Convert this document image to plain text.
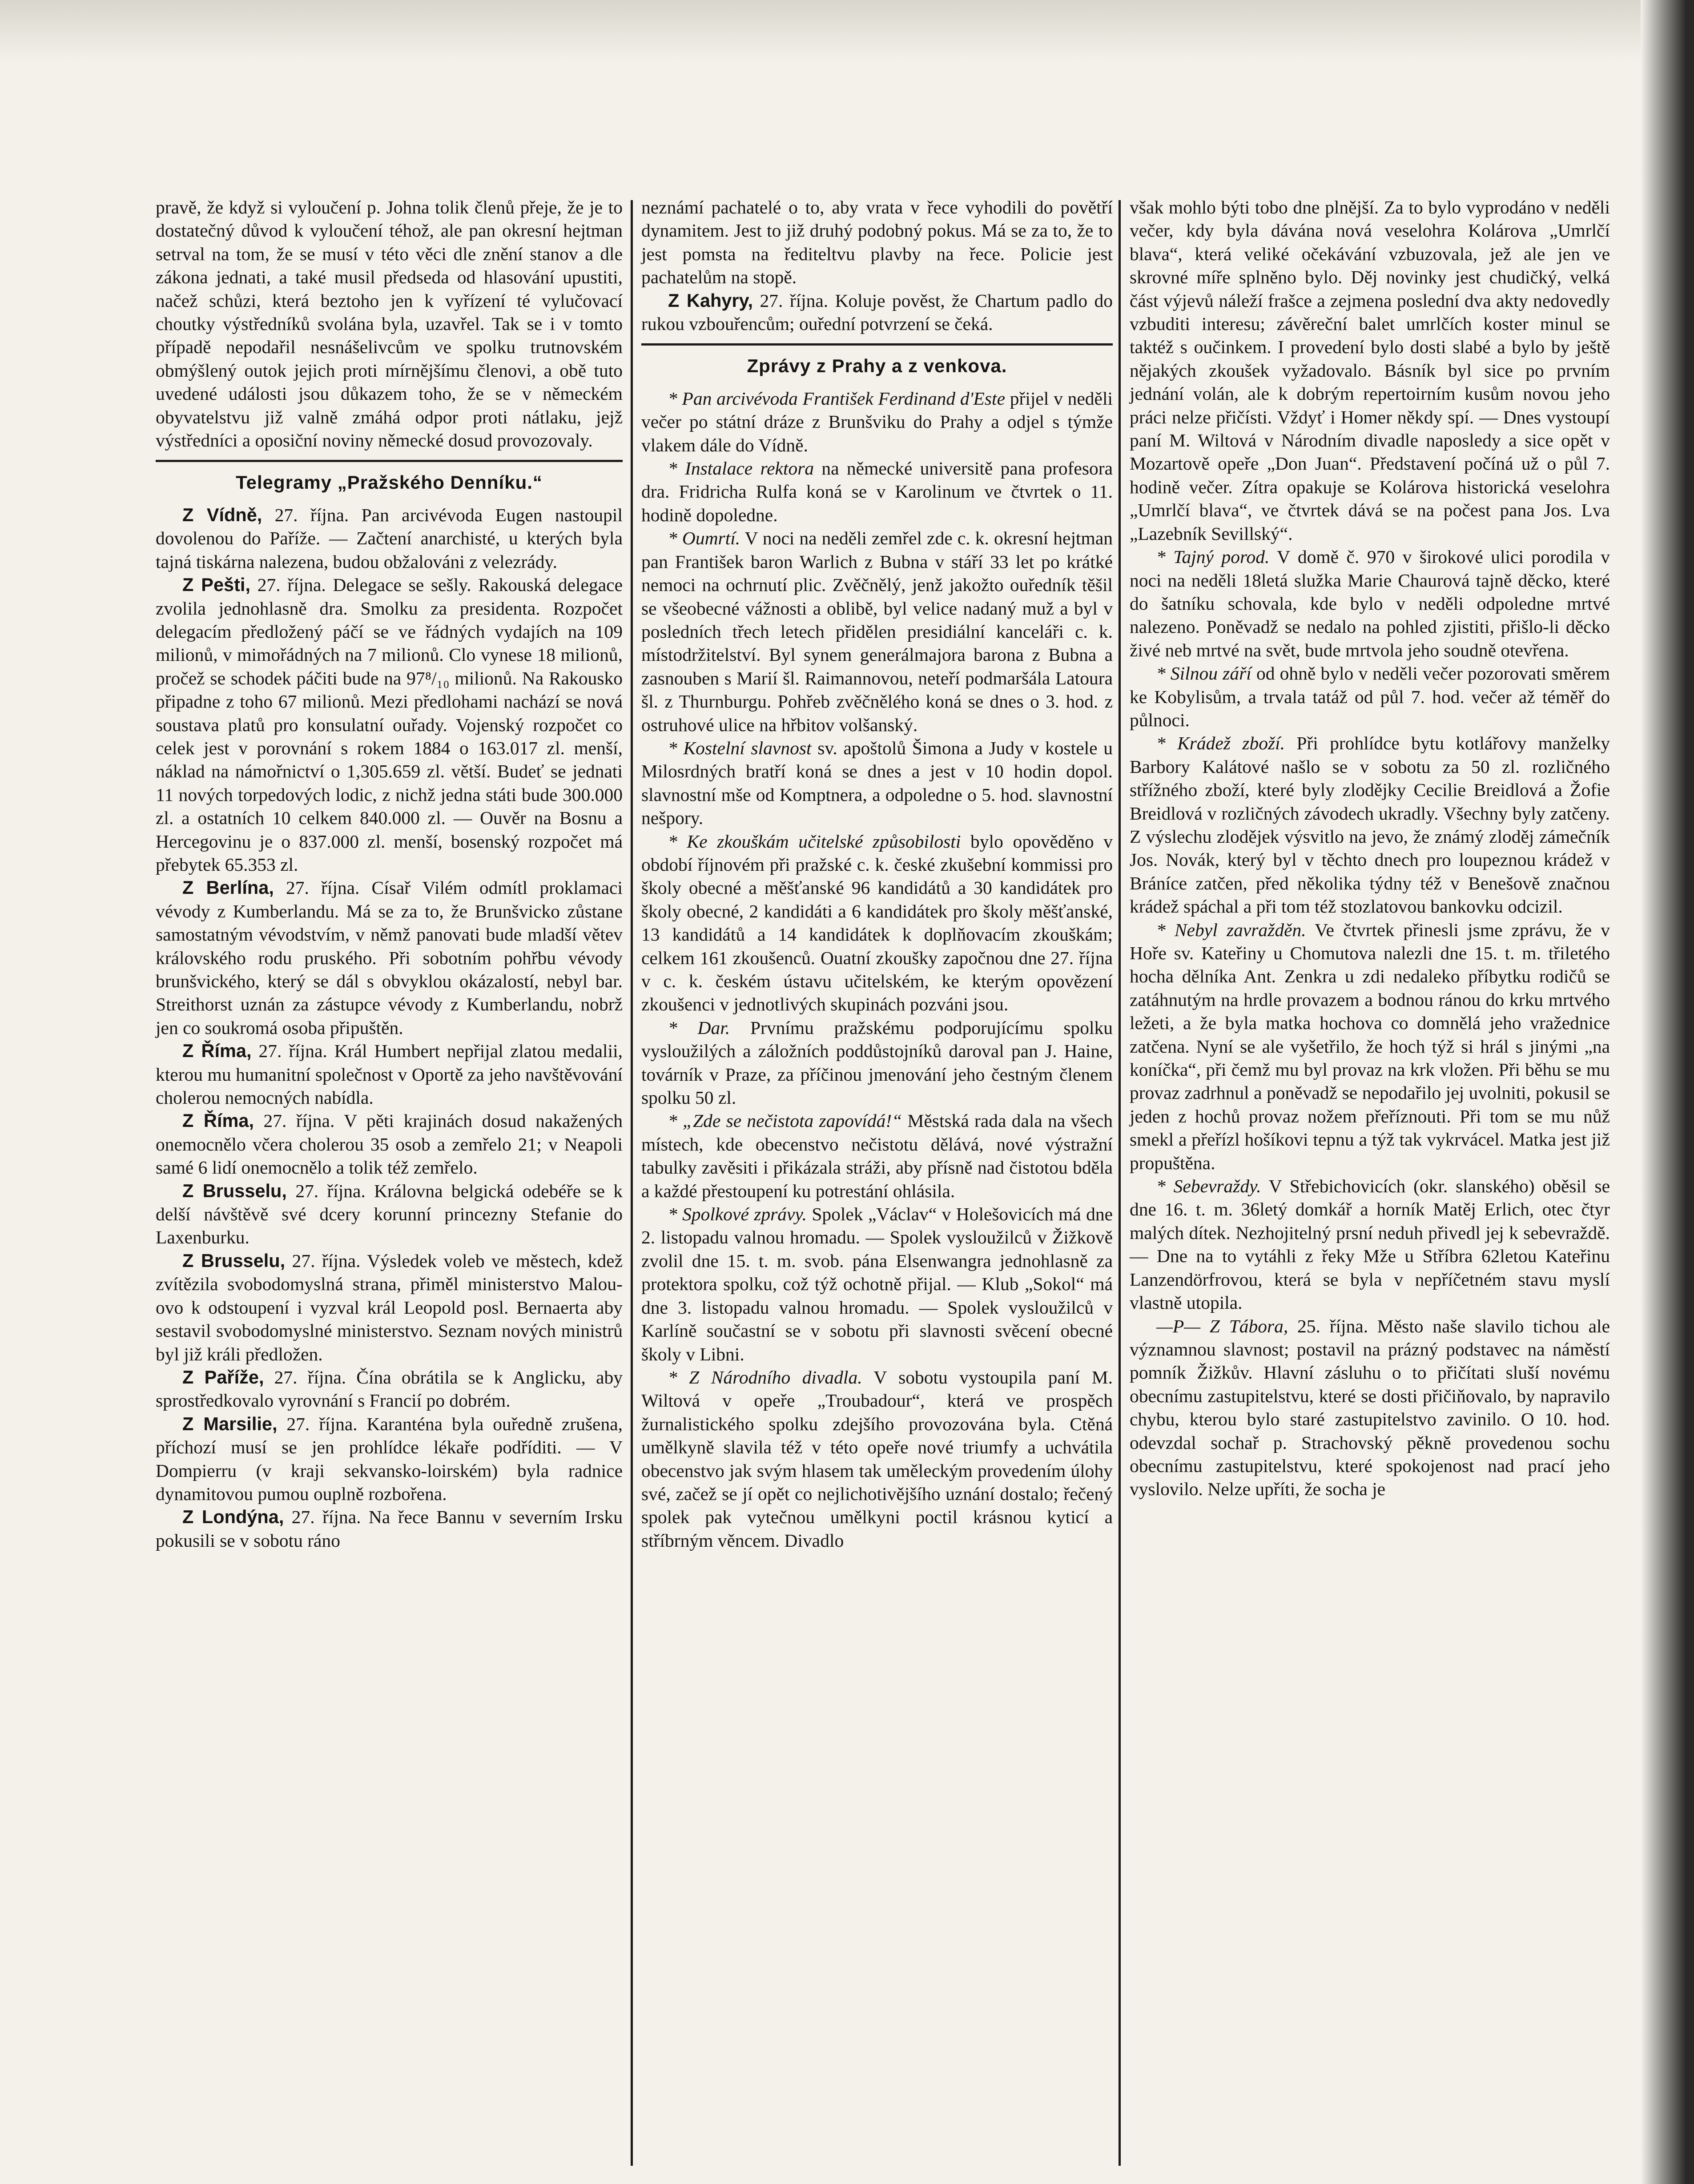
pravě, že když si vyloučení p. Johna tolik členů přeje, že je to dostatečný důvod k vyloučení téhož, ale pan okresní hejtman setrval na tom, že se musí v této věci dle znění stanov a dle zákona jednati, a také musil předseda od hlasování upustiti, načež schůzi, která beztoho jen k vyřízení té vylučovací choutky výstředníků svolána byla, uzavřel. Tak se i v tomto případě nepodařil nesnášelivcům ve spolku trutnovském obmýšlený outok jejich proti mírnějšímu členovi, a obě tuto uvedené události jsou důkazem toho, že se v německém obyvatelstvu již valně zmáhá odpor proti nátlaku, jejž výstředníci a oposiční noviny německé dosud provozovaly.

Telegramy „Pražského Denníku.“

Z Vídně, 27. října. Pan arcivévoda Eugen nastoupil dovolenou do Paříže. — Začtení anarchisté, u kterých byla tajná tiskárna nalezena, budou obžalováni z velezrády.

Z Pešti, 27. října. Delegace se sešly. Rakouská delegace zvolila jednohlasně dra. Smolku za presidenta. Rozpočet delegacím předložený páčí se ve řádných vydajích na 109 milionů, v mimořádných na 7 milionů. Clo vynese 18 milionů, pročež se schodek páčiti bude na 97⁸/₁₀ milionů. Na Rakousko připadne z toho 67 milionů. Mezi předlohami nachází se nová soustava platů pro konsulatní ouřady. Vojenský rozpočet co celek jest v porovnání s rokem 1884 o 163.017 zl. menší, náklad na námořnictví o 1,305.659 zl. větší. Budeť se jednati 11 nových torpedových lodic, z nichž jedna státi bude 300.000 zl. a ostatních 10 celkem 840.000 zl. — Ouvěr na Bosnu a Hercegovinu je o 837.000 zl. menší, bosenský rozpočet má přebytek 65.353 zl.

Z Berlína, 27. října. Císař Vilém odmítl proklamaci vévody z Kumberlandu. Má se za to, že Brunšvicko zůstane samostatným vévodstvím, v němž panovati bude mladší větev královského rodu pruského. Při sobotním pohřbu vévody brunšvického, který se dál s obvyklou okázalostí, nebyl bar. Streithorst uznán za zástupce vévody z Kumberlandu, nobrž jen co soukromá osoba připuštěn.

Z Říma, 27. října. Král Humbert nepřijal zlatou medalii, kterou mu humanitní společnost v Oportě za jeho navštěvování cholerou nemocných nabídla.

Z Říma, 27. října. V pěti krajinách dosud nakažených onemocnělo včera cholerou 35 osob a zemřelo 21; v Neapoli samé 6 lidí onemocnělo a tolik též zemřelo.

Z Brusselu, 27. října. Královna belgická odebéře se k delší návštěvě své dcery korunní princezny Stefanie do Laxenburku.

Z Brusselu, 27. října. Výsledek voleb ve městech, kdež zvítězila svobodomyslná strana, přiměl ministerstvo Malou-ovo k odstoupení i vyzval král Leopold posl. Bernaerta aby sestavil svobodomyslné ministerstvo. Seznam nových ministrů byl již králi předložen.

Z Paříže, 27. října. Čína obrátila se k Anglicku, aby sprostředkovalo vyrovnání s Francií po dobrém.

Z Marsilie, 27. října. Karanténa byla ouředně zrušena, příchozí musí se jen prohlídce lékaře podříditi. — V Dompierru (v kraji sekvansko-loirském) byla radnice dynamitovou pumou ouplně rozbořena.

Z Londýna, 27. října. Na řece Bannu v severním Irsku pokusili se v sobotu ráno

neznámí pachatelé o to, aby vrata v řece vyhodili do povětří dynamitem. Jest to již druhý podobný pokus. Má se za to, že to jest pomsta na řediteltvu plavby na řece. Policie jest pachatelům na stopě.

Z Kahyry, 27. října. Koluje pověst, že Chartum padlo do rukou vzbouřencům; ouřední potvrzení se čeká.

Zprávy z Prahy a z venkova.

* Pan arcivévoda František Ferdinand d'Este přijel v neděli večer po státní dráze z Brunšviku do Prahy a odjel s týmže vlakem dále do Vídně.

* Instalace rektora na německé universitě pana profesora drа. Fridricha Rulfa koná se v Karolinum ve čtvrtek o 11. hodině dopoledne.

* Oumrtí. V noci na neděli zemřel zde c. k. okresní hejtman pan František baron Warlich z Bubna v stáří 33 let po krátké nemoci na ochrnutí plic. Zvěčnělý, jenž jakožto ouředník těšil se všeobecné vážnosti a oblibě, byl velice nadaný muž a byl v posledních třech letech přidělen presidiální kanceláři c. k. místodržitelství. Byl synem generálmajora barona z Bubna a zasnouben s Marií šl. Raimannovou, neteří podmaršála Latoura šl. z Thurnburgu. Pohřeb zvěčnělého koná se dnes o 3. hod. z ostruhové ulice na hřbitov volšanský.

* Kostelní slavnost sv. apoštolů Šimona a Judy v kostele u Milosrdných bratří koná se dnes a jest v 10 hodin dopol. slavnostní mše od Komptnera, a odpoledne o 5. hod. slavnostní nešpory.

* Ke zkouškám učitelské způsobilosti bylo opověděno v období říjnovém při pražské c. k. české zkušební kommissi pro školy obecné a měšťanské 96 kandidátů a 30 kandidátek pro školy obecné, 2 kandidáti a 6 kandidátek pro školy měšťanské, 13 kandidátů a 14 kandidátek k doplňovacím zkouškám; celkem 161 zkoušenců. Ouatní zkoušky započnou dne 27. října v c. k. českém ústavu učitelském, ke kterým opovězení zkoušenci v jednotlivých skupinách pozváni jsou.

* Dar. Prvnímu pražskému podporujícímu spolku vysloužilých a záložních poddůstojníků daroval pan J. Haine, továrník v Praze, za příčinou jmenování jeho čestným členem spolku 50 zl.

* „Zde se nečistota zapovídá!“ Městská rada dala na všech místech, kde obecenstvo nečistotu dělává, nové výstražní tabulky zavěsiti i přikázala stráži, aby přísně nad čistotou bděla a každé přestoupení ku potrestání ohlásila.

* Spolkové zprávy. Spolek „Václav“ v Holešovicích má dne 2. listopadu valnou hromadu. — Spolek vysloužilců v Žižkově zvolil dne 15. t. m. svob. pána Elsenwangra jednohlasně za protektora spolku, což týž ochotně přijal. — Klub „Sokol“ má dne 3. listopadu valnou hromadu. — Spolek vysloužilců v Karlíně součastní se v sobotu při slavnosti svěcení obecné školy v Libni.

* Z Národního divadla. V sobotu vystoupila paní M. Wiltová v opeře „Troubadour“, která ve prospěch žurnalistického spolku zdejšího provozována byla. Ctěná umělkyně slavila též v této opeře nové triumfy a uchvátila obecenstvo jak svým hlasem tak uměleckým provedením úlohy své, začež se jí opět co nejlichotivějšího uznání dostalo; řečený spolek pak vytečnou umělkyni poctil krásnou kyticí a stříbrným věncem. Divadlo

však mohlo býti tobo dne plnější. Za to bylo vyprodáno v neděli večer, kdy byla dávána nová veselohra Kolárova „Umrlčí blava“, která veliké očekávání vzbuzovala, jež ale jen ve skrovné míře splněno bylo. Děj novinky jest chudičký, velká část výjevů náleží frašce a zejmena poslední dva akty nedovedly vzbuditi interesu; závěreční balet umrlčích koster minul se taktéž s oučinkem. I provedení bylo dosti slabé a bylo by ještě nějakých zkoušek vyžadovalo. Básník byl sice po prvním jednání volán, ale k dobrým repertoirním kusům novou jeho práci nelze přičísti. Vždyť i Homer někdy spí. — Dnes vystoupí paní M. Wiltová v Národním divadle naposledy a sice opět v Mozartově opeře „Don Juan“. Představení počíná už o půl 7. hodině večer. Zítra opakuje se Kolárova historická veselohra „Umrlčí blava“, ve čtvrtek dává se na počest pana Jos. Lva „Lazebník Sevillský“.

* Tajný porod. V domě č. 970 v širokové ulici porodila v noci na neděli 18letá služka Marie Chaurová tajně děcko, které do šatníku schovala, kde bylo v neděli odpoledne mrtvé nalezeno. Poněvadž se nedalo na pohled zjistiti, přišlo-li děcko živé neb mrtvé na svět, bude mrtvola jeho soudně otevřena.

* Silnou září od ohně bylo v neděli večer pozorovati směrem ke Kobylisům, a trvala tatáž od půl 7. hod. večer až téměř do půlnoci.

* Krádež zboží. Při prohlídce bytu kotlářovy manželky Barbory Kalátové našlo se v sobotu za 50 zl. rozličného střížného zboží, které byly zlodějky Cecilie Breidlová a Žofie Breidlová v rozličných závodech ukradly. Všechny byly zatčeny. Z výslechu zlodějek výsvitlo na jevo, že známý zloděj zámečník Jos. Novák, který byl v těchto dnech pro loupeznou krádež v Bráníce zatčen, před několika týdny též v Benešově značnou krádež spáchal a při tom též stozlatovou bankovku odcizil.

* Nebyl zavražděn. Ve čtvrtek přinesli jsme zprávu, že v Hoře sv. Kateřiny u Chomutova nalezli dne 15. t. m. třiletého hocha dělníka Ant. Zenkra u zdi nedaleko příbytku rodičů se zatáhnutým na hrdle provazem a bodnou ránou do krku mrtvého ležeti, a že byla matka hochova co domnělá jeho vražednice zatčena. Nyní se ale vyšetřilo, že hoch týž si hrál s jinými „na koníčka“, při čemž mu byl provaz na krk vložen. Při běhu se mu provaz zadrhnul a poněvadž se nepodařilo jej uvolniti, pokusil se jeden z hochů provaz nožem přeříznouti. Při tom se mu nůž smekl a přeřízl hošíkovi tepnu a týž tak vykrvácel. Matka jest již propuštěna.

* Sebevraždy. V Střebichovicích (okr. slanského) oběsil se dne 16. t. m. 36letý domkář a horník Matěj Erlich, otec čtyr malých dítek. Nezhojitelný prsní neduh přivedl jej k sebevraždě. — Dne na to vytáhli z řeky Mže u Stříbra 62letou Kateřinu Lanzendörfrovou, která se byla v nepříčetném stavu myslí vlastně utopila.

—P— Z Tábora, 25. října. Město naše slavilo tichou ale významnou slavnost; postavil na prázný podstavec na náměstí pomník Žižkův. Hlavní zásluhu o to přičítati sluší novému obecnímu zastupitelstvu, které se dosti přičiňovalo, by napravilo chybu, kterou bylo staré zastupitelstvo zavinilo. O 10. hod. odevzdal sochař p. Strachovský pěkně provedenou sochu obecnímu zastupitelstvu, které spokojenost nad prací jeho vyslovilo. Nelze upříti, že socha je
